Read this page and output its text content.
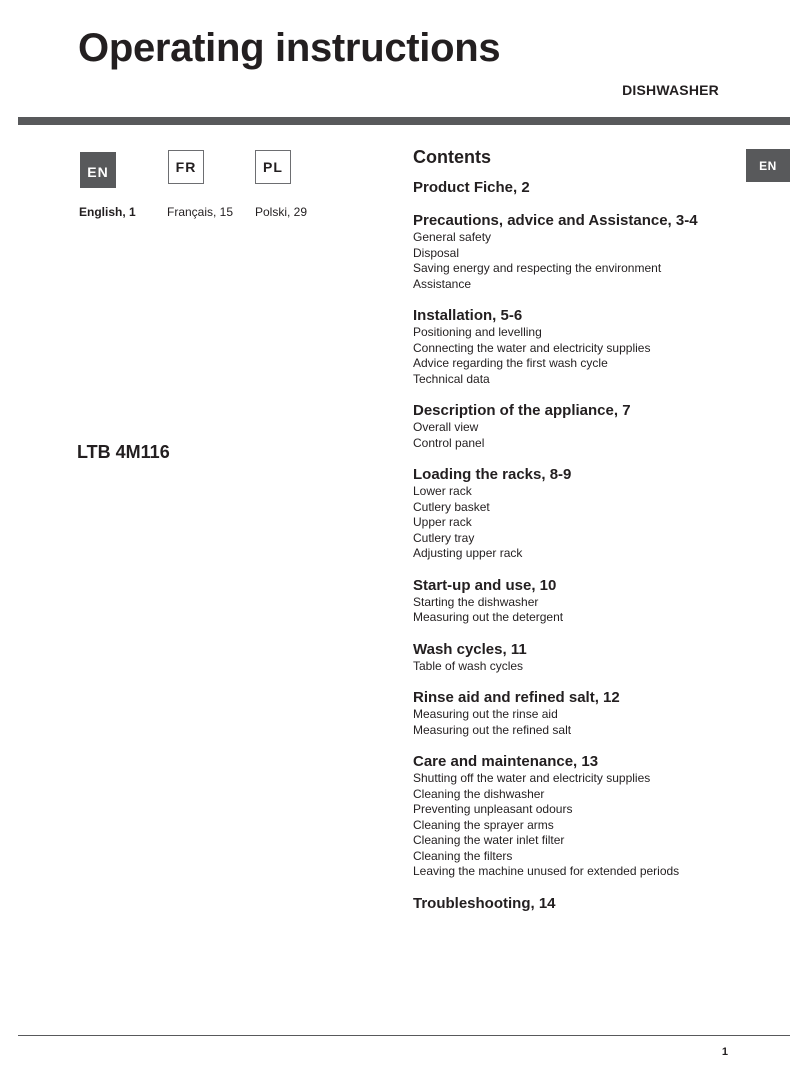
Operating instructions
DISHWASHER
EN	FR	PL
English, 1	Français, 15 Polski, 29
LTB 4M116
EN
Contents
Product Fiche, 2
Precautions, advice and Assistance, 3-4
General safety
Disposal
Saving energy and respecting the environment
Assistance
Installation, 5-6
Positioning and levelling
Connecting the water and electricity supplies
Advice regarding the first wash cycle
Technical data
Description of the appliance, 7
Overall view
Control panel
Loading the racks, 8-9
Lower rack
Cutlery basket
Upper rack
Cutlery tray
Adjusting upper rack
Start-up and use, 10
Starting the dishwasher
Measuring out the detergent
Wash cycles, 11
Table of wash cycles
Rinse aid and refined salt, 12
Measuring out the rinse aid
Measuring out the refined salt
Care and maintenance, 13
Shutting off the water and electricity supplies
Cleaning the dishwasher
Preventing unpleasant odours
Cleaning the sprayer arms
Cleaning the water inlet filter
Cleaning the filters
Leaving the machine unused for extended periods
Troubleshooting, 14
1
